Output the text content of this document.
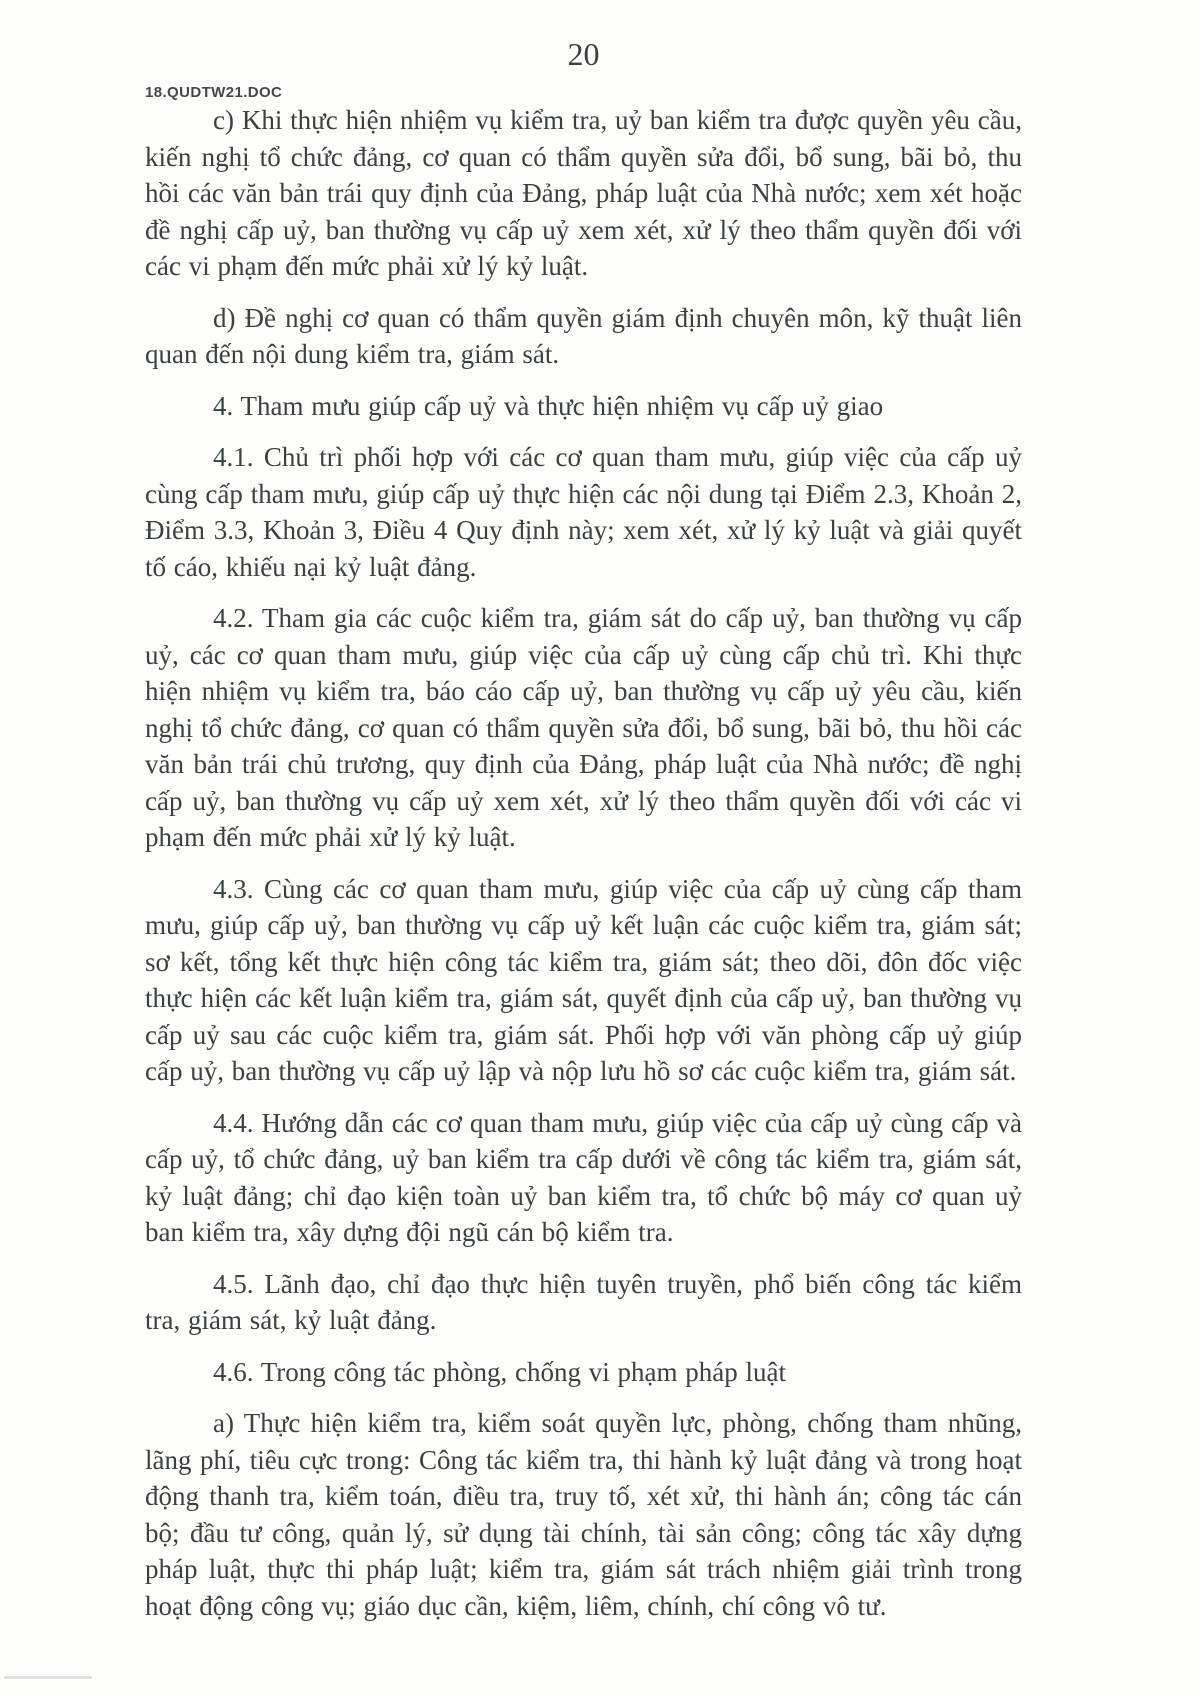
18.QUDTW21.DOC
20

c) Khi thực hiện nhiệm vụ kiểm tra, uỷ ban kiểm tra được quyền yêu cầu, kiến nghị tổ chức đảng, cơ quan có thẩm quyền sửa đổi, bổ sung, bãi bỏ, thu hồi các văn bản trái quy định của Đảng, pháp luật của Nhà nước; xem xét hoặc đề nghị cấp uỷ, ban thường vụ cấp uỷ xem xét, xử lý theo thẩm quyền đối với các vi phạm đến mức phải xử lý kỷ luật.

d) Đề nghị cơ quan có thẩm quyền giám định chuyên môn, kỹ thuật liên quan đến nội dung kiểm tra, giám sát.

4. Tham mưu giúp cấp uỷ và thực hiện nhiệm vụ cấp uỷ giao

4.1. Chủ trì phối hợp với các cơ quan tham mưu, giúp việc của cấp uỷ cùng cấp tham mưu, giúp cấp uỷ thực hiện các nội dung tại Điểm 2.3, Khoản 2, Điểm 3.3, Khoản 3, Điều 4 Quy định này; xem xét, xử lý kỷ luật và giải quyết tố cáo, khiếu nại kỷ luật đảng.

4.2. Tham gia các cuộc kiểm tra, giám sát do cấp uỷ, ban thường vụ cấp uỷ, các cơ quan tham mưu, giúp việc của cấp uỷ cùng cấp chủ trì. Khi thực hiện nhiệm vụ kiểm tra, báo cáo cấp uỷ, ban thường vụ cấp uỷ yêu cầu, kiến nghị tổ chức đảng, cơ quan có thẩm quyền sửa đổi, bổ sung, bãi bỏ, thu hồi các văn bản trái chủ trương, quy định của Đảng, pháp luật của Nhà nước; đề nghị cấp uỷ, ban thường vụ cấp uỷ xem xét, xử lý theo thẩm quyền đối với các vi phạm đến mức phải xử lý kỷ luật.

4.3. Cùng các cơ quan tham mưu, giúp việc của cấp uỷ cùng cấp tham mưu, giúp cấp uỷ, ban thường vụ cấp uỷ kết luận các cuộc kiểm tra, giám sát; sơ kết, tổng kết thực hiện công tác kiểm tra, giám sát; theo dõi, đôn đốc việc thực hiện các kết luận kiểm tra, giám sát, quyết định của cấp uỷ, ban thường vụ cấp uỷ sau các cuộc kiểm tra, giám sát. Phối hợp với văn phòng cấp uỷ giúp cấp uỷ, ban thường vụ cấp uỷ lập và nộp lưu hồ sơ các cuộc kiểm tra, giám sát.

4.4. Hướng dẫn các cơ quan tham mưu, giúp việc của cấp uỷ cùng cấp và cấp uỷ, tổ chức đảng, uỷ ban kiểm tra cấp dưới về công tác kiểm tra, giám sát, kỷ luật đảng; chỉ đạo kiện toàn uỷ ban kiểm tra, tổ chức bộ máy cơ quan uỷ ban kiểm tra, xây dựng đội ngũ cán bộ kiểm tra.

4.5. Lãnh đạo, chỉ đạo thực hiện tuyên truyền, phổ biến công tác kiểm tra, giám sát, kỷ luật đảng.

4.6. Trong công tác phòng, chống vi phạm pháp luật

a) Thực hiện kiểm tra, kiểm soát quyền lực, phòng, chống tham nhũng, lãng phí, tiêu cực trong: Công tác kiểm tra, thi hành kỷ luật đảng và trong hoạt động thanh tra, kiểm toán, điều tra, truy tố, xét xử, thi hành án; công tác cán bộ; đầu tư công, quản lý, sử dụng tài chính, tài sản công; công tác xây dựng pháp luật, thực thi pháp luật; kiểm tra, giám sát trách nhiệm giải trình trong hoạt động công vụ; giáo dục cần, kiệm, liêm, chính, chí công vô tư.
